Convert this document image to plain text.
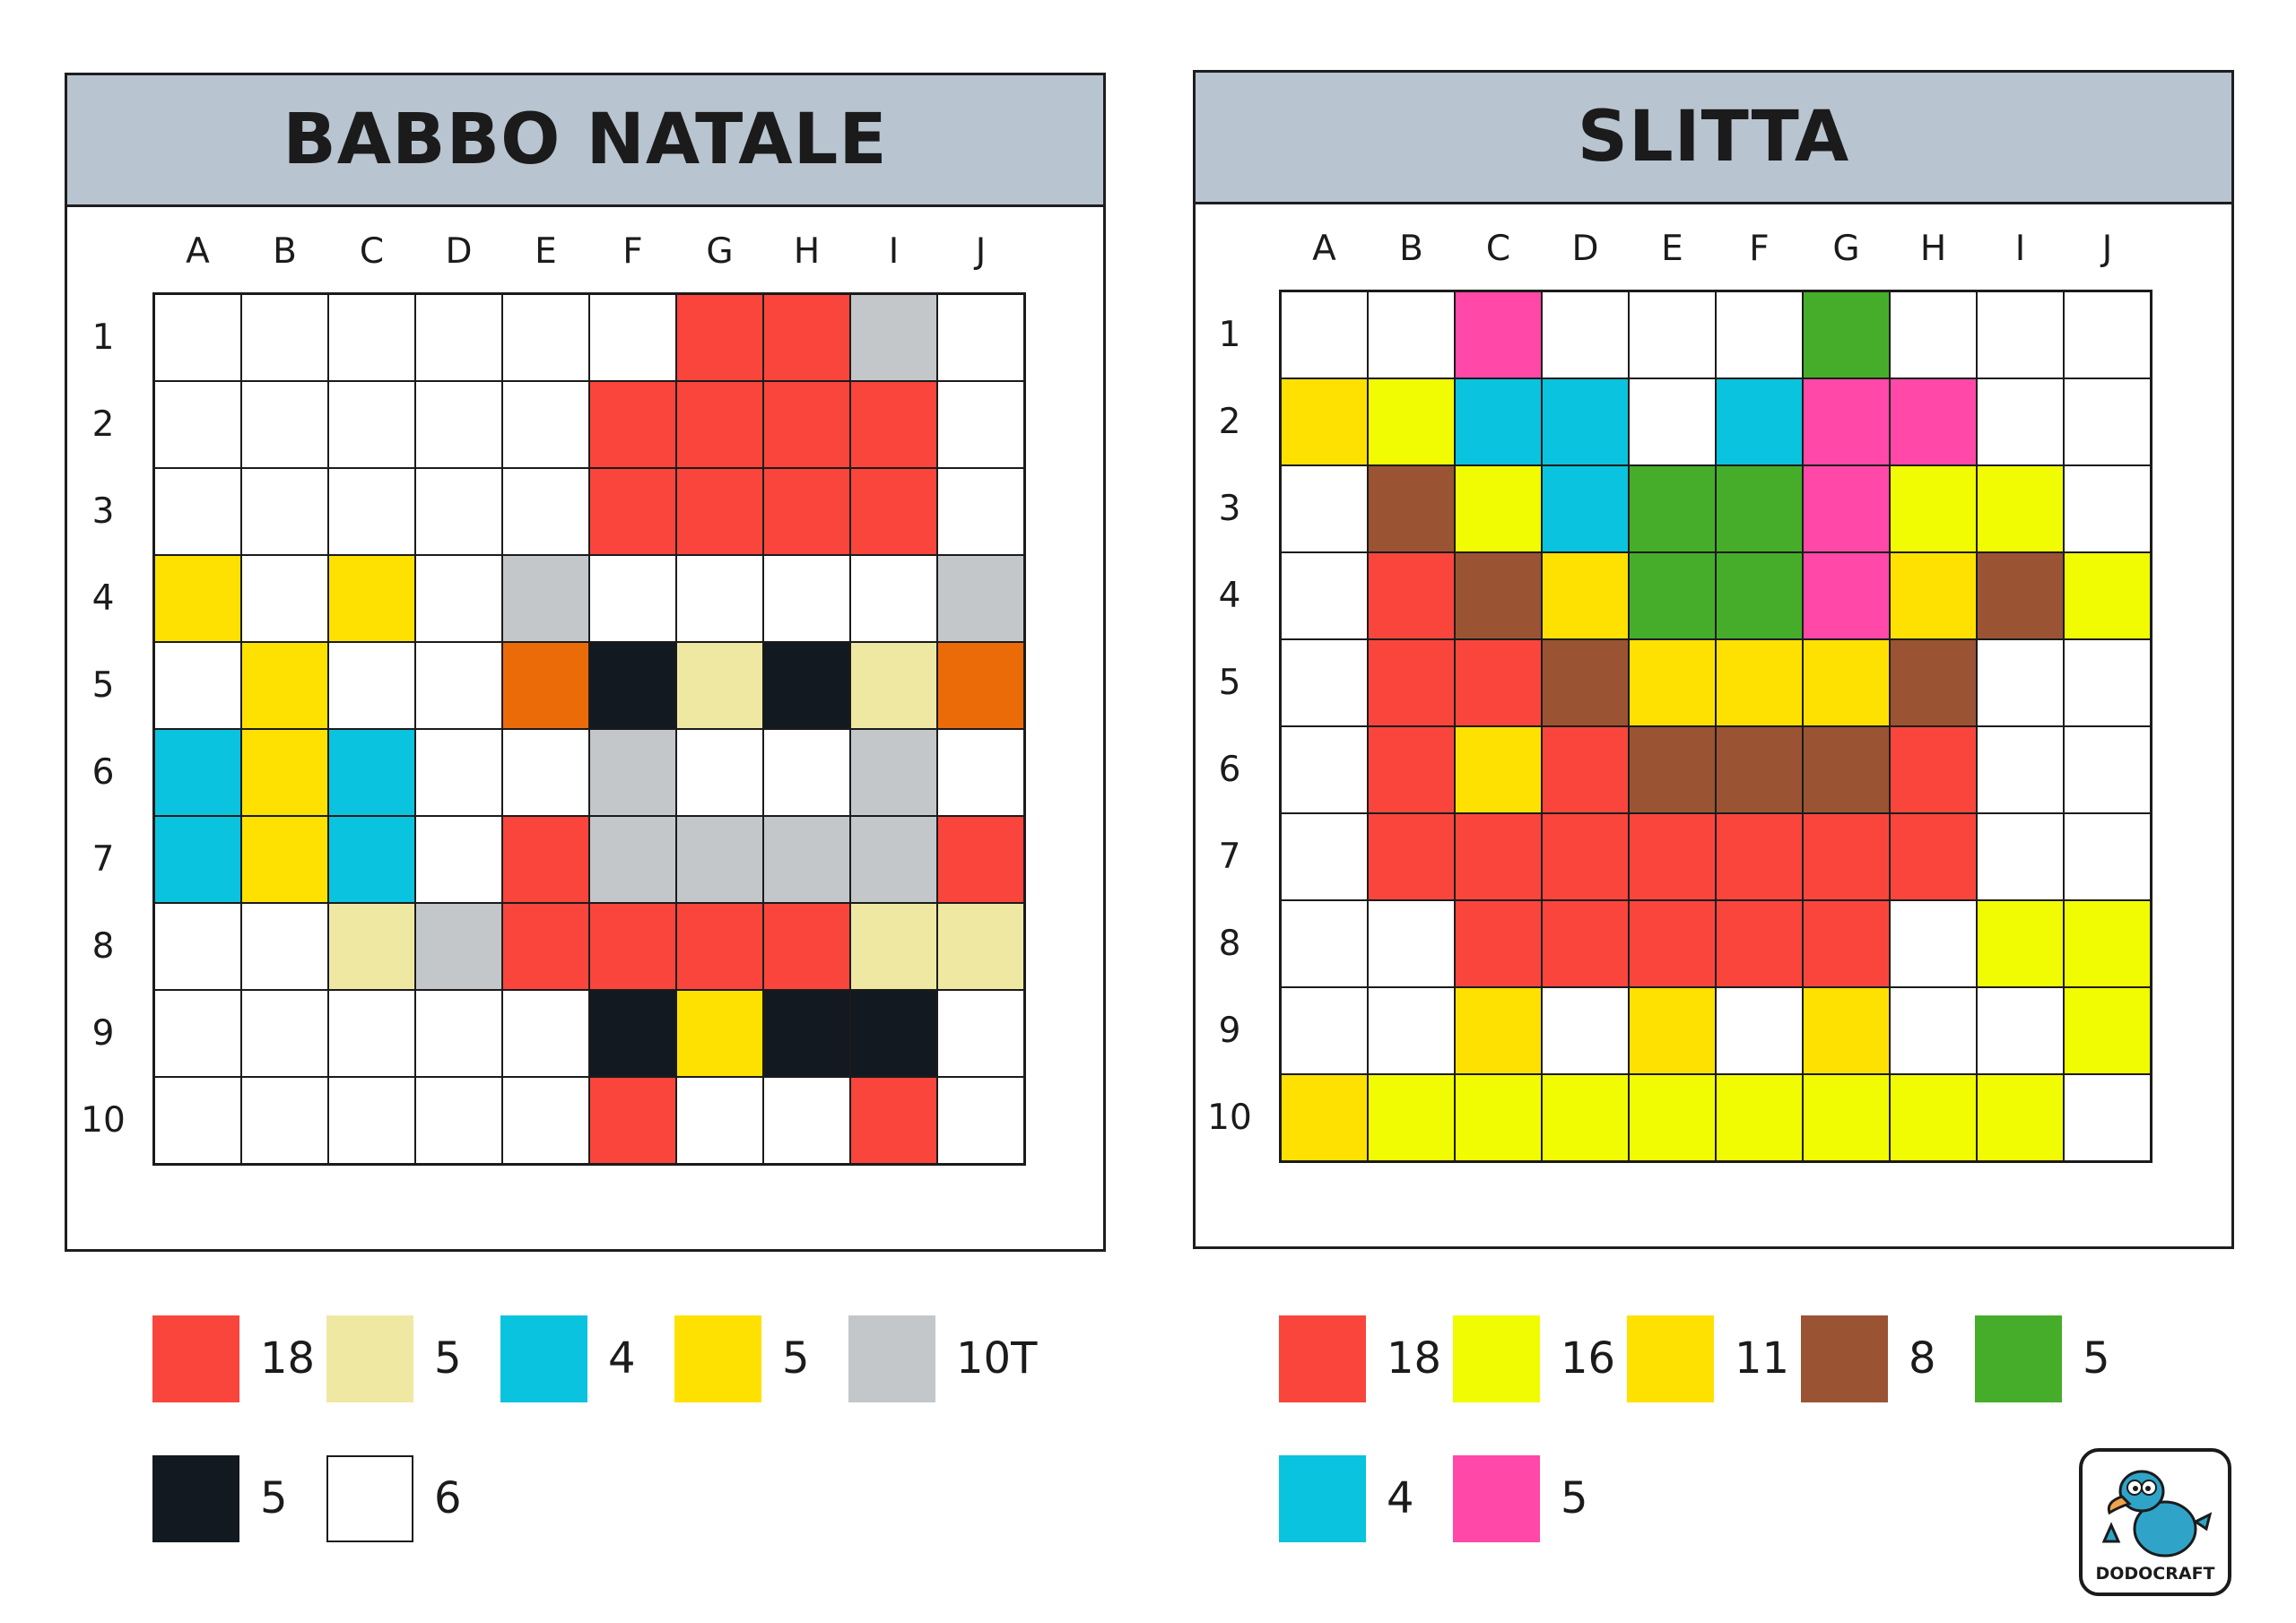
BABBO NATALE	SLITTA
A	B	C	D	E	F	G	H	I	J
1
2
3
4
5
6
7
8
9
10
A	B	C	D	E	F	G	H	I	J
1
2
3
4
5
6
7
8
9
10
18	5	4	5	10T
5	6
18	16	11	8	5
4	5
DODOCRAFT
